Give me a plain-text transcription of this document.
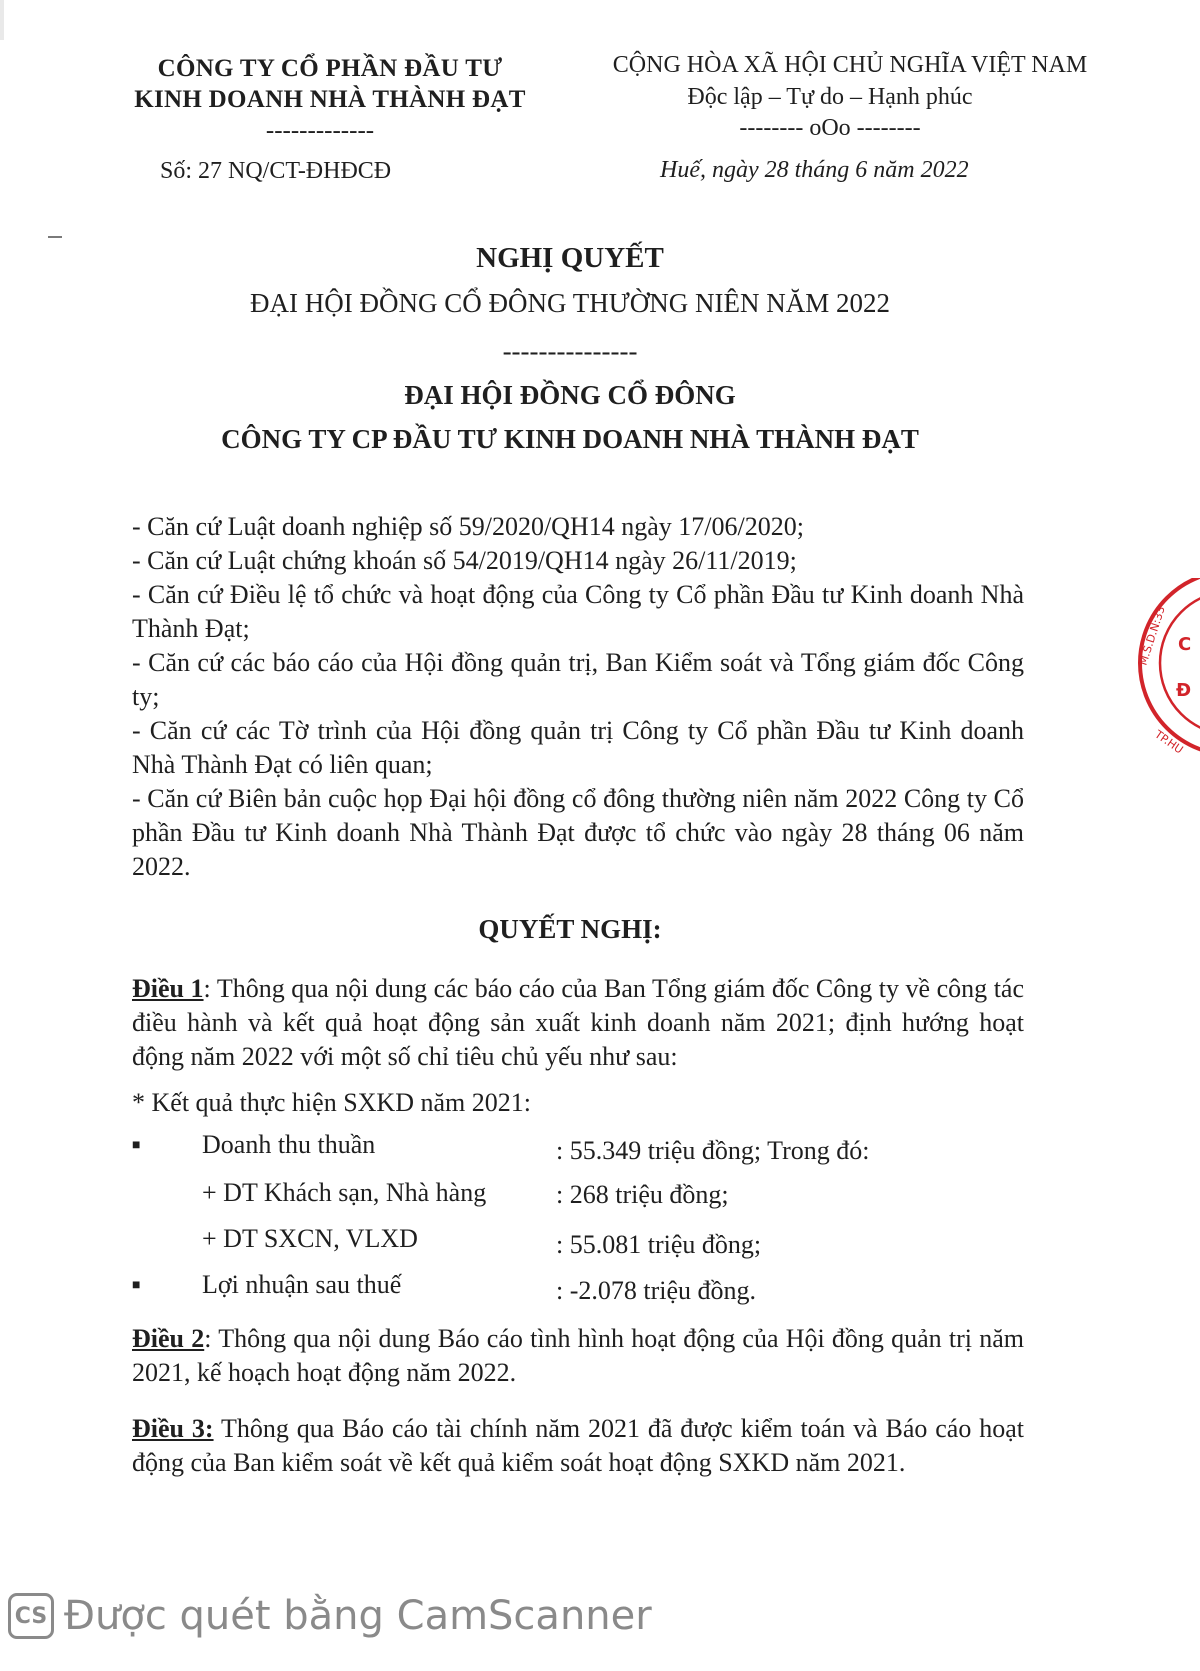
CÔNG TY CỔ PHẦN ĐẦU TƯ
KINH DOANH NHÀ THÀNH ĐẠT
-------------
Số: 27 NQ/CT-ĐHĐCĐ
CỘNG HÒA XÃ HỘI CHỦ NGHĨA VIỆT NAM
Độc lập – Tự do – Hạnh phúc
-------- oOo --------
Huế, ngày 28 tháng 6 năm 2022
NGHỊ QUYẾT
ĐẠI HỘI ĐỒNG CỔ ĐÔNG THƯỜNG NIÊN NĂM 2022
---------------
ĐẠI HỘI ĐỒNG CỔ ĐÔNG
CÔNG TY CP ĐẦU TƯ KINH DOANH NHÀ THÀNH ĐẠT

- Căn cứ Luật doanh nghiệp số 59/2020/QH14 ngày 17/06/2020;

- Căn cứ Luật chứng khoán số 54/2019/QH14 ngày 26/11/2019;

- Căn cứ Điều lệ tổ chức và hoạt động của Công ty Cổ phần Đầu tư Kinh doanh Nhà Thành Đạt;

- Căn cứ các báo cáo của Hội đồng quản trị, Ban Kiểm soát và Tổng giám đốc Công ty;

- Căn cứ các Tờ trình của Hội đồng quản trị Công ty Cổ phần Đầu tư Kinh doanh Nhà Thành Đạt có liên quan;

- Căn cứ Biên bản cuộc họp Đại hội đồng cổ đông thường niên năm 2022 Công ty Cổ phần Đầu tư Kinh doanh Nhà Thành Đạt được tổ chức vào ngày 28 tháng 06 năm 2022.

QUYẾT NGHỊ:
Điều 1: Thông qua nội dung các báo cáo của Ban Tổng giám đốc Công ty về công tác điều hành và kết quả hoạt động sản xuất kinh doanh năm 2021; định hướng hoạt động năm 2022 với một số chỉ tiêu chủ yếu như sau:
* Kết quả thực hiện SXKD năm 2021:
■ Doanh thu thuần	: 55.349 triệu đồng; Trong đó:
+ DT Khách sạn, Nhà hàng	: 268 triệu đồng;
+ DT SXCN, VLXD	: 55.081 triệu đồng;
■ Lợi nhuận sau thuế	: -2.078 triệu đồng.
Điều 2: Thông qua nội dung Báo cáo tình hình hoạt động của Hội đồng quản trị năm 2021, kế hoạch hoạt động năm 2022.
Điều 3: Thông qua Báo cáo tài chính năm 2021 đã được kiểm toán và Báo cáo hoạt động của Ban kiểm soát về kết quả kiểm soát hoạt động SXKD năm 2021.
M.S.D.N:33 C
Đ
TP.HU
CS Được quét bằng CamScanner
